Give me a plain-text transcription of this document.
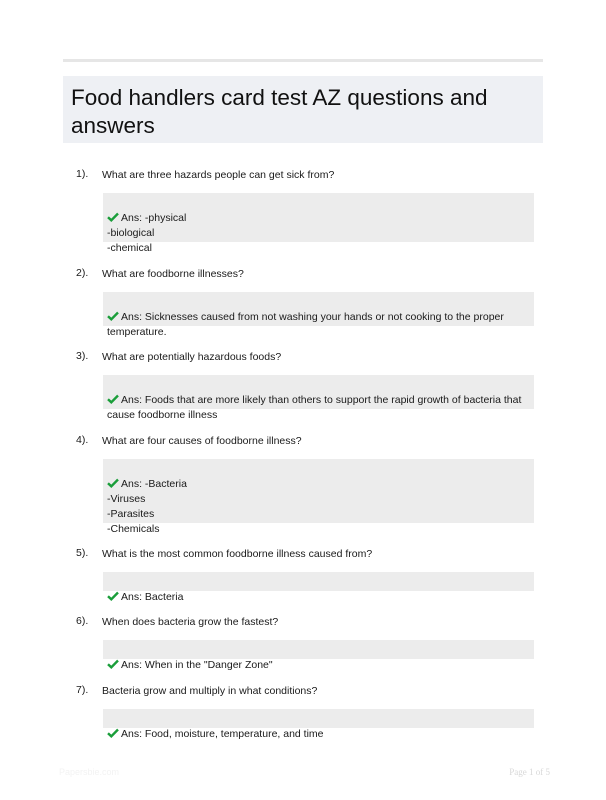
Food handlers card test AZ questions and answers
1). What are three hazards people can get sick from?

Ans: -physical
-biological
-chemical

2). What are foodborne illnesses?

Ans: Sicknesses caused from not washing your hands or not cooking to the proper temperature.

3). What are potentially hazardous foods?

Ans: Foods that are more likely than others to support the rapid growth of bacteria that cause foodborne illness

4). What are four causes of foodborne illness?

Ans: -Bacteria
-Viruses
-Parasites
-Chemicals

5). What is the most common foodborne illness caused from?

Ans: Bacteria

6). When does bacteria grow the fastest?

Ans: When in the "Danger Zone"

7). Bacteria grow and multiply in what conditions?

Ans: Food, moisture, temperature, and time

Papersbie.com	Page 1 of 5
